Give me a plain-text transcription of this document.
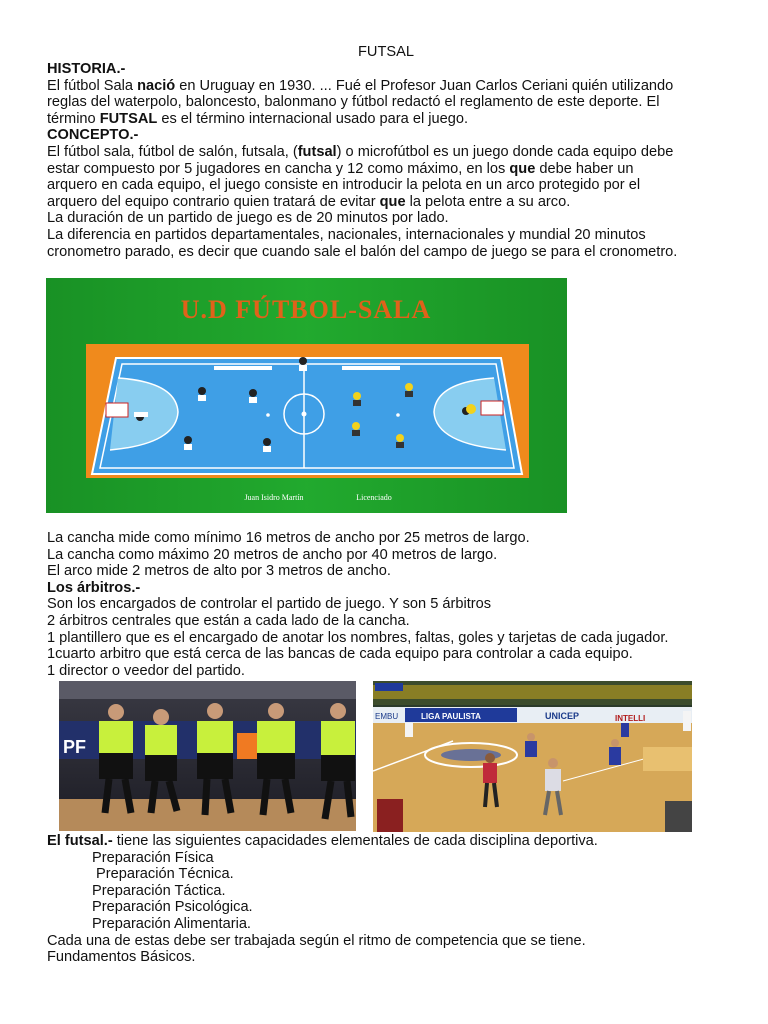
FUTSAL

HISTORIA.-

El fútbol Sala nació en Uruguay en 1930. ... Fué el Profesor Juan Carlos Ceriani quién utilizando

reglas del waterpolo, baloncesto, balonmano y fútbol redactó el reglamento de este deporte. El

término FUTSAL es el término internacional usado para el juego.

CONCEPTO.-

El fútbol sala, fútbol de salón, futsala, (futsal) o microfútbol es un juego donde cada equipo debe

estar compuesto por 5 jugadores en cancha y 12 como máximo, en los que debe haber un

arquero en cada equipo, el juego consiste en introducir la pelota en un arco protegido por el

arquero del equipo contrario quien tratará de evitar que la pelota entre a su arco.

La duración de un partido de juego es de 20 minutos por lado.

La diferencia en partidos departamentales, nacionales, internacionales y mundial 20 minutos

cronometro parado, es decir que cuando sale el balón del campo de juego se para el cronometro.

U.D FÚTBOL-SALA
Juan Isidro Martín	Licenciado

La cancha mide como mínimo 16 metros de ancho por 25 metros de largo.

La cancha como máximo 20 metros de ancho por 40 metros de largo.

El arco mide 2 metros de alto por 3 metros de ancho.

Los árbitros.-

Son los encargados de controlar el partido de juego. Y son 5 árbitros

2 árbitros centrales que están a cada lado de la cancha.

1 plantillero que es el encargado de anotar los nombres, faltas, goles y tarjetas de cada jugador.

1cuarto arbitro que está cerca de las bancas de cada equipo para controlar a cada equipo.

1 director o veedor del partido.

PF
EMBU	LIGA PAULISTA	UNICEP	INTELLI

El futsal.- tiene las siguientes capacidades elementales de cada disciplina deportiva.

Preparación Física

Preparación Técnica.

Preparación Táctica.

Preparación Psicológica.

Preparación Alimentaria.

Cada una de estas debe ser trabajada según el ritmo de competencia que se tiene.

Fundamentos Básicos.
